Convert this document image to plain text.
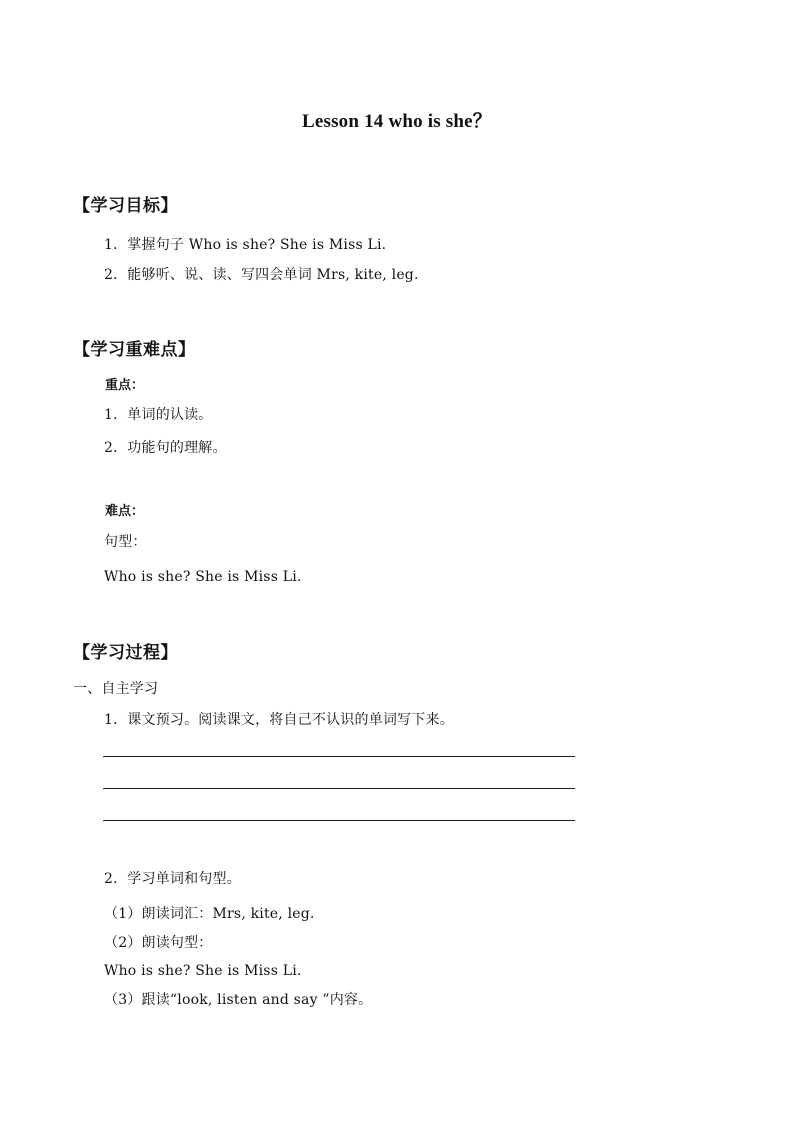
Lesson 14 who is she？
【学习目标】
1．掌握句子 Who is she? She is Miss Li.
2．能够听、说、读、写四会单词 Mrs, kite, leg.
【学习重难点】
重点：
1．单词的认读。
2．功能句的理解。
难点：
句型：
Who is she? She is Miss Li.
【学习过程】
一、自主学习
1．课文预习。阅读课文，将自己不认识的单词写下来。
2．学习单词和句型。
（1）朗读词汇：Mrs, kite, leg.
（2）朗读句型：
Who is she? She is Miss Li.
（3）跟读“look, listen and say ”内容。
